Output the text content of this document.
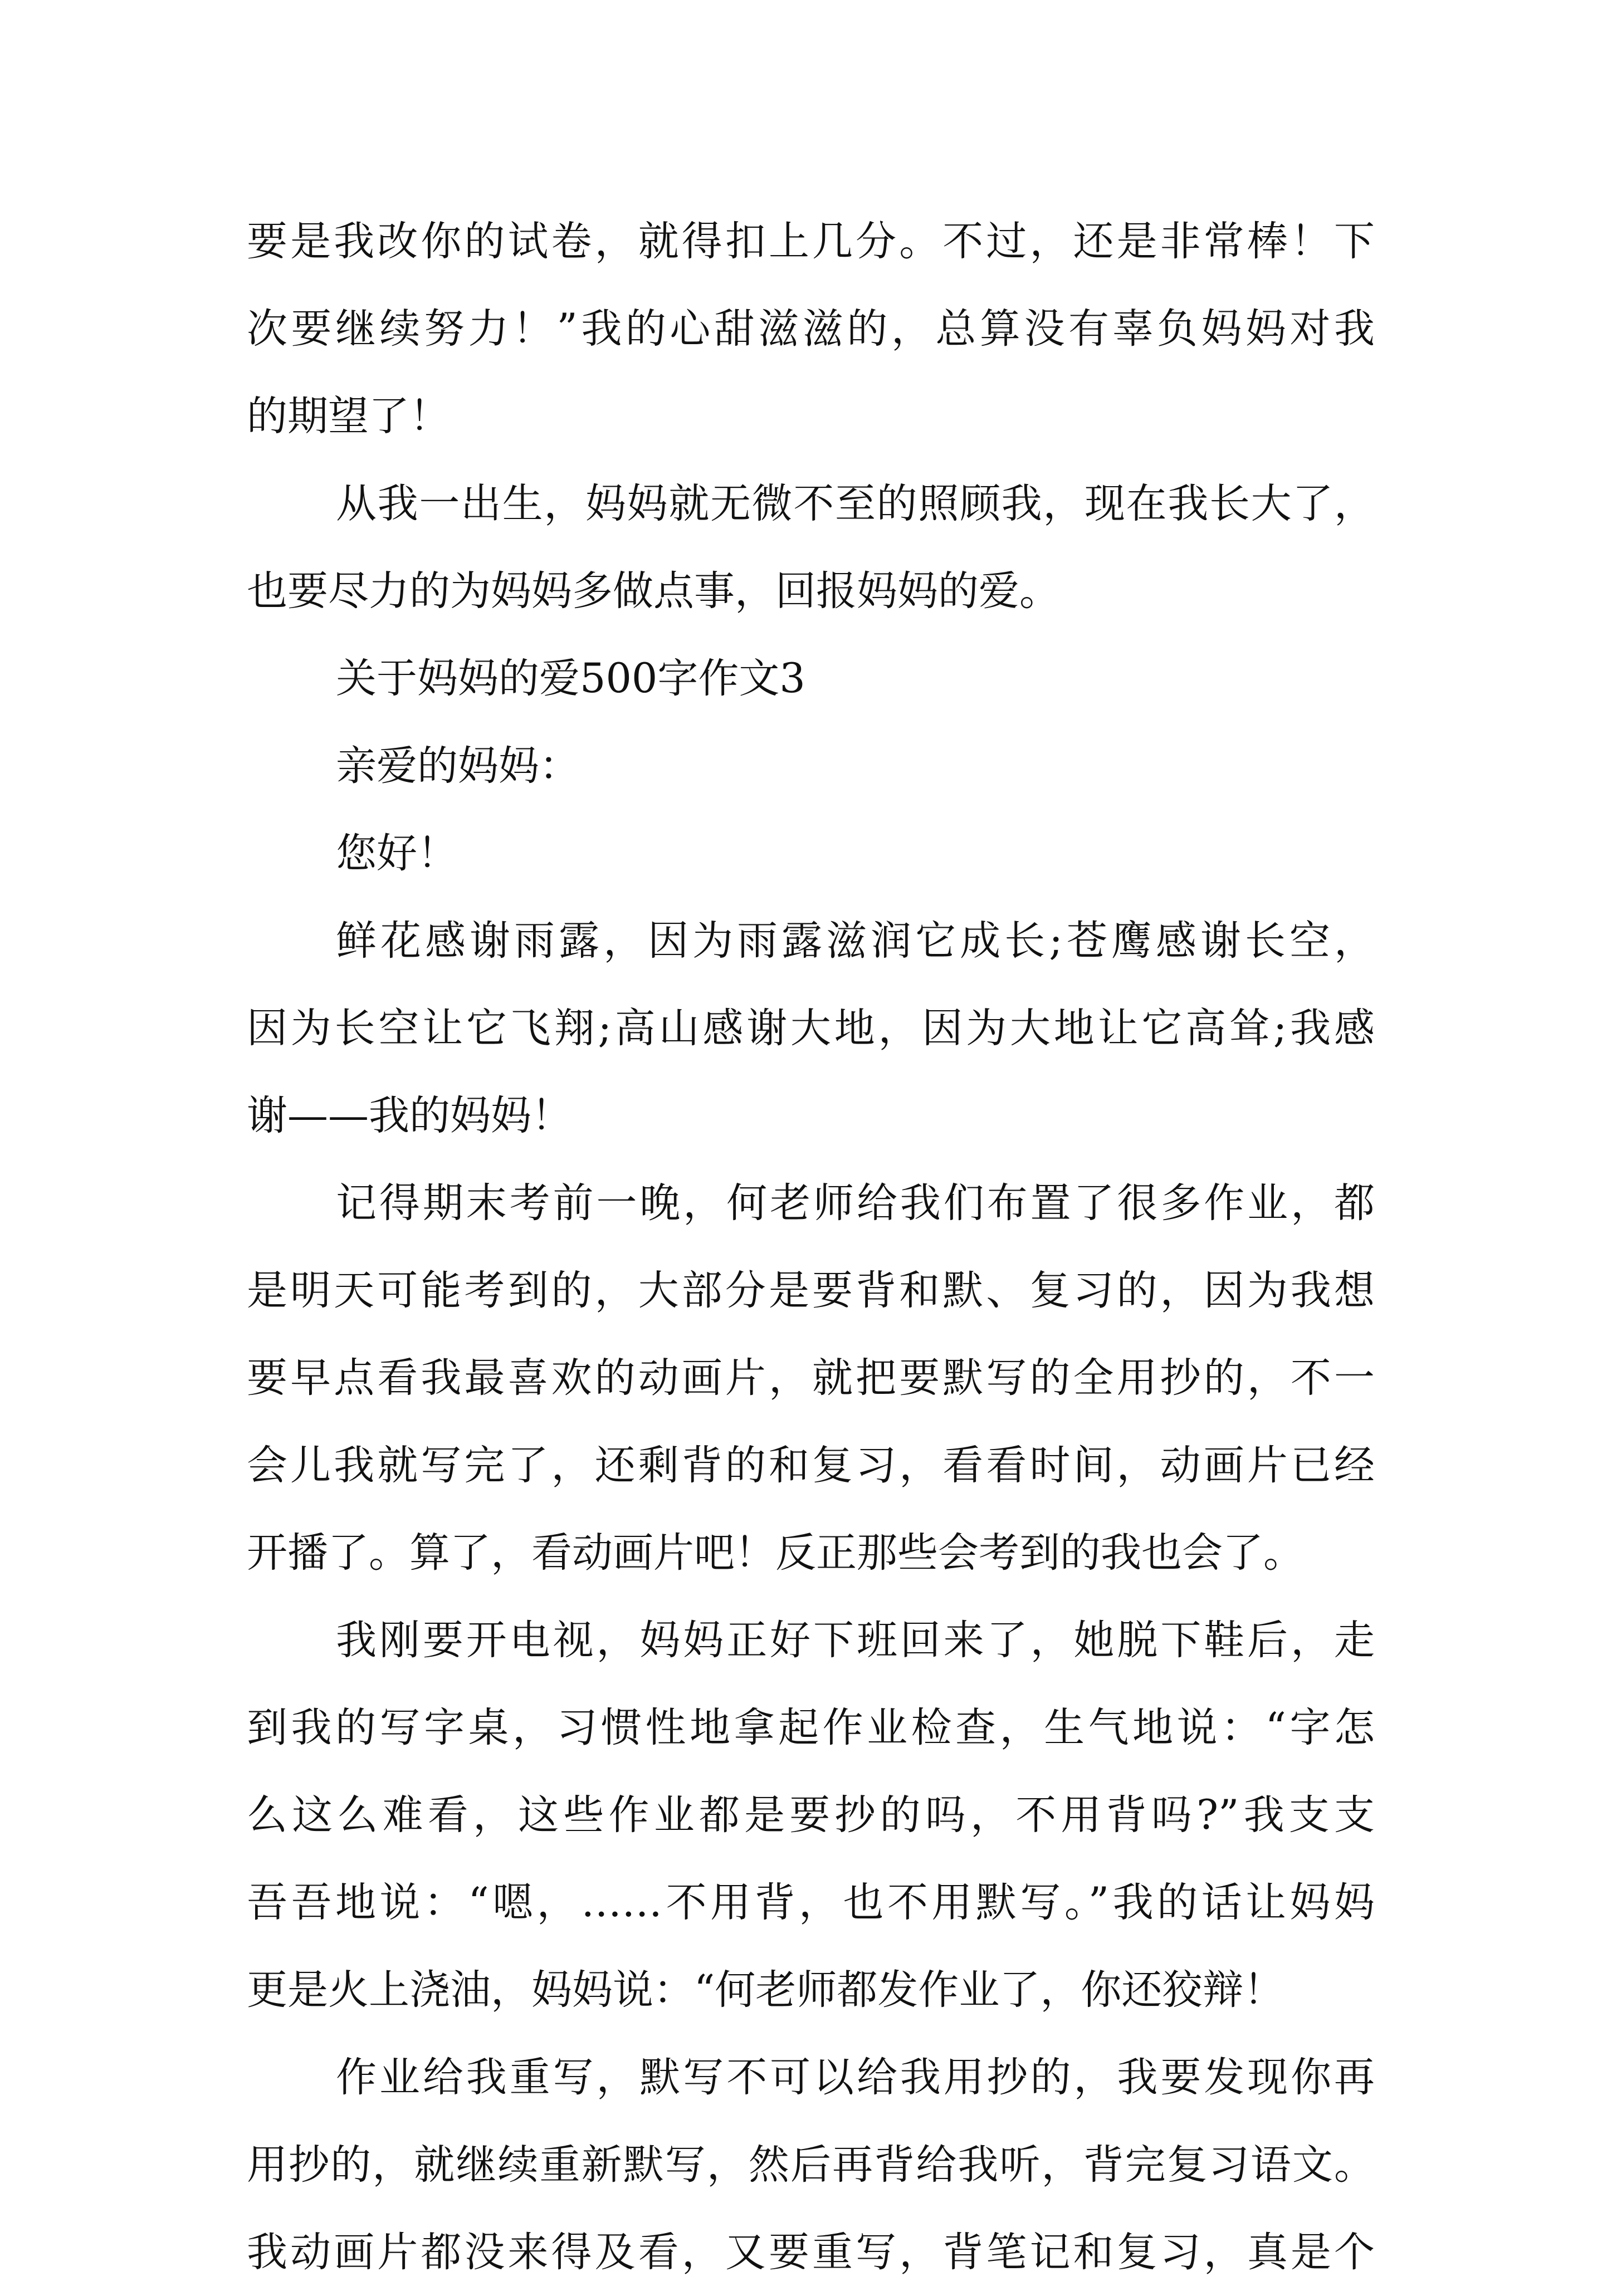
要是我改你的试卷，就得扣上几分。不过，还是非常棒！下
次要继续努力！”我的心甜滋滋的，总算没有辜负妈妈对我
的期望了！
从我一出生，妈妈就无微不至的照顾我，现在我长大了，
也要尽力的为妈妈多做点事，回报妈妈的爱。
关于妈妈的爱500字作文3
亲爱的妈妈：
您好！
鲜花感谢雨露，因为雨露滋润它成长;苍鹰感谢长空，
因为长空让它飞翔;高山感谢大地，因为大地让它高耸;我感
谢——我的妈妈！
记得期末考前一晚，何老师给我们布置了很多作业，都
是明天可能考到的，大部分是要背和默、复习的，因为我想
要早点看我最喜欢的动画片，就把要默写的全用抄的，不一
会儿我就写完了，还剩背的和复习，看看时间，动画片已经
开播了。算了，看动画片吧！反正那些会考到的我也会了。
我刚要开电视，妈妈正好下班回来了，她脱下鞋后，走
到我的写字桌，习惯性地拿起作业检查，生气地说：“字怎
么这么难看，这些作业都是要抄的吗，不用背吗?”我支支
吾吾地说：“嗯，……不用背，也不用默写。”我的话让妈妈
更是火上浇油，妈妈说：“何老师都发作业了，你还狡辩！
作业给我重写，默写不可以给我用抄的，我要发现你再
用抄的，就继续重新默写，然后再背给我听，背完复习语文。
我动画片都没来得及看，又要重写，背笔记和复习，真是个
